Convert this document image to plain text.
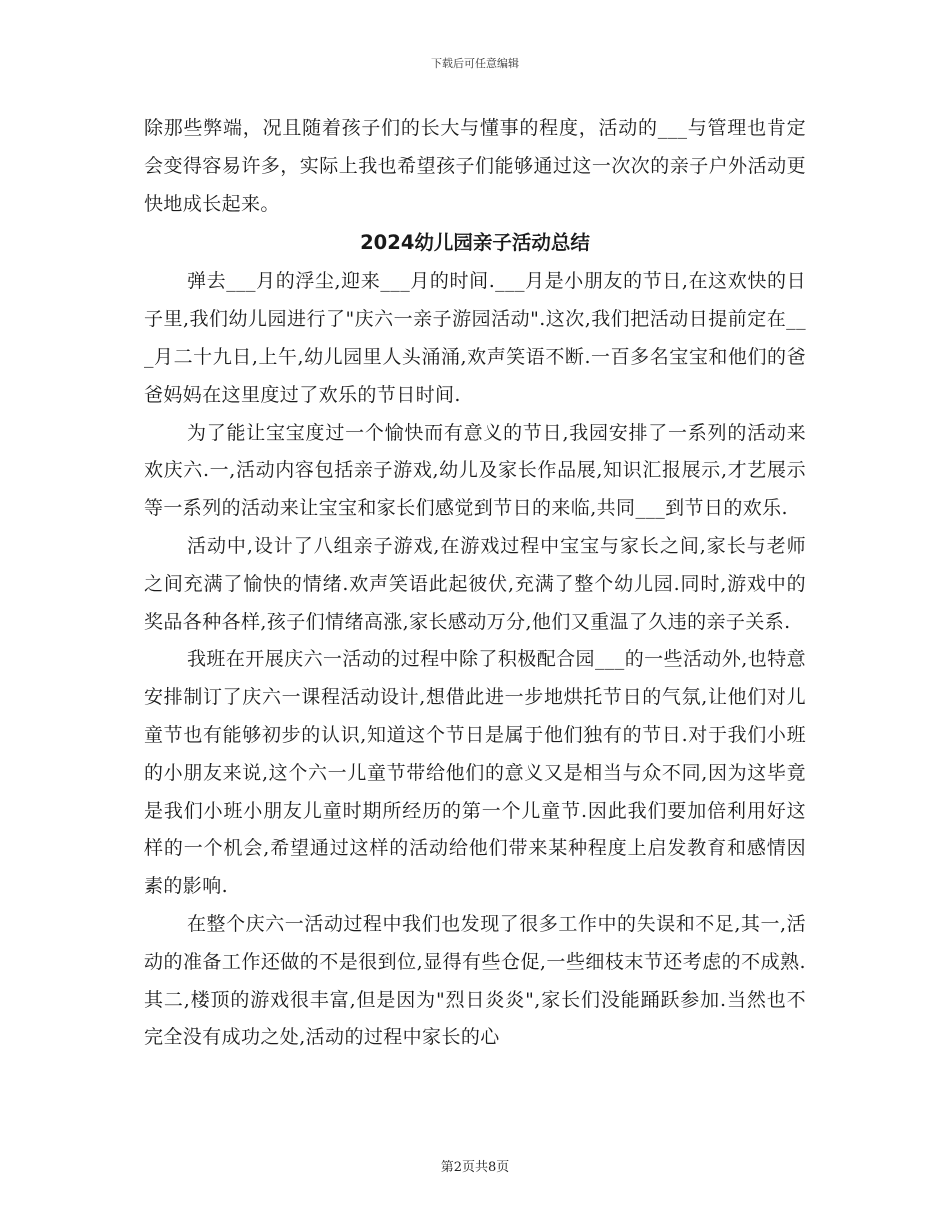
下载后可任意编辑

除那些弊端，况且随着孩子们的长大与懂事的程度，活动的___与管理也肯定会变得容易许多，实际上我也希望孩子们能够通过这一次次的亲子户外活动更快地成长起来。

2024幼儿园亲子活动总结

弹去___月的浮尘,迎来___月的时间.___月是小朋友的节日,在这欢快的日子里,我们幼儿园进行了"庆六一亲子游园活动".这次,我们把活动日提前定在___月二十九日,上午,幼儿园里人头涌涌,欢声笑语不断.一百多名宝宝和他们的爸爸妈妈在这里度过了欢乐的节日时间.

为了能让宝宝度过一个愉快而有意义的节日,我园安排了一系列的活动来欢庆六.一,活动内容包括亲子游戏,幼儿及家长作品展,知识汇报展示,才艺展示等一系列的活动来让宝宝和家长们感觉到节日的来临,共同___到节日的欢乐.

活动中,设计了八组亲子游戏,在游戏过程中宝宝与家长之间,家长与老师之间充满了愉快的情绪.欢声笑语此起彼伏,充满了整个幼儿园.同时,游戏中的奖品各种各样,孩子们情绪高涨,家长感动万分,他们又重温了久违的亲子关系.

我班在开展庆六一活动的过程中除了积极配合园___的一些活动外,也特意安排制订了庆六一课程活动设计,想借此进一步地烘托节日的气氛,让他们对儿童节也有能够初步的认识,知道这个节日是属于他们独有的节日.对于我们小班的小朋友来说,这个六一儿童节带给他们的意义又是相当与众不同,因为这毕竟是我们小班小朋友儿童时期所经历的第一个儿童节.因此我们要加倍利用好这样的一个机会,希望通过这样的活动给他们带来某种程度上启发教育和感情因素的影响.

在整个庆六一活动过程中我们也发现了很多工作中的失误和不足,其一,活动的准备工作还做的不是很到位,显得有些仓促,一些细枝末节还考虑的不成熟.其二,楼顶的游戏很丰富,但是因为"烈日炎炎",家长们没能踊跃参加.当然也不完全没有成功之处,活动的过程中家长的心

第2页共8页
